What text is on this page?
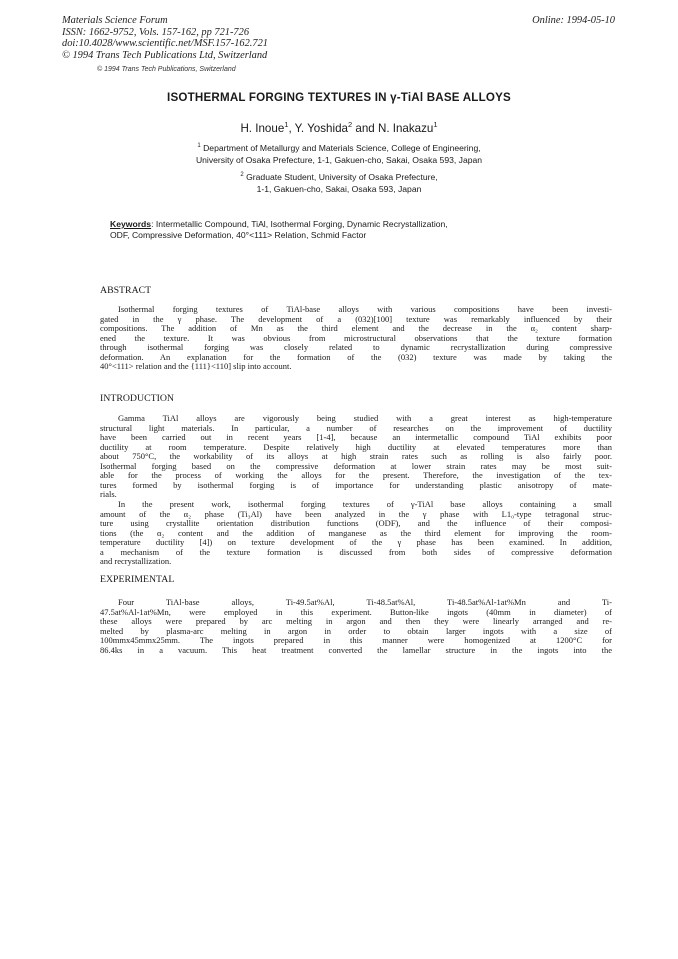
Materials Science Forum
ISSN: 1662-9752, Vols. 157-162, pp 721-726
doi:10.4028/www.scientific.net/MSF.157-162.721
© 1994 Trans Tech Publications Ltd, Switzerland
Online: 1994-05-10
© 1994 Trans Tech Publications, Switzerland
ISOTHERMAL FORGING TEXTURES IN γ-TiAl BASE ALLOYS
H. Inoue$^1$, Y. Yoshida$^2$ and N. Inakazu$^1$
$^1$ Department of Metallurgy and Materials Science, College of Engineering,
University of Osaka Prefecture, 1-1, Gakuen-cho, Sakai, Osaka 593, Japan
$^2$ Graduate Student, University of Osaka Prefecture,
1-1, Gakuen-cho, Sakai, Osaka 593, Japan
Keywords: Intermetallic Compound, TiAl, Isothermal Forging, Dynamic Recrystallization,
ODF, Compressive Deformation, 40°<111> Relation, Schmid Factor
ABSTRACT
Isothermal forging textures of TiAl-base alloys with various compositions have been investi-
gated in the γ phase. The development of a (032)[100] texture was remarkably influenced by their
compositions. The addition of Mn as the third element and the decrease in the α₂ content sharp-
ened the texture. It was obvious from microstructural observations that the texture formation
through isothermal forging was closely related to dynamic recrystallization during compressive
deformation. An explanation for the formation of the (032) texture was made by taking the
40°<111> relation and the {111}<110] slip into account.
INTRODUCTION
Gamma TiAl alloys are vigorously being studied with a great interest as high-temperature
structural light materials. In particular, a number of researches on the improvement of ductility
have been carried out in recent years [1-4], because an intermetallic compound TiAl exhibits poor
ductility at room temperature. Despite relatively high ductility at elevated temperatures more than
about 750°C, the workability of its alloys at high strain rates such as rolling is also fairly poor.
Isothermal forging based on the compressive deformation at lower strain rates may be most suit-
able for the process of working the alloys for the present. Therefore, the investigation of the tex-
tures formed by isothermal forging is of importance for understanding plastic anisotropy of mate-
rials.
In the present work, isothermal forging textures of γ-TiAl base alloys containing a small
amount of the α₂ phase (Ti₃Al) have been analyzed in the γ phase with L1₀-type tetragonal struc-
ture using crystallite orientation distribution functions (ODF), and the influence of their composi-
tions (the α₂ content and the addition of manganese as the third element for improving the room-
temperature ductility [4]) on texture development of the γ phase has been examined. In addition,
a mechanism of the texture formation is discussed from both sides of compressive deformation
and recrystallization.
EXPERIMENTAL
Four TiAl-base alloys, Ti-49.5at%Al, Ti-48.5at%Al, Ti-48.5at%Al-1at%Mn and Ti-
47.5at%Al-1at%Mn, were employed in this experiment. Button-like ingots (40mm in diameter) of
these alloys were prepared by arc melting in argon and then they were linearly arranged and re-
melted by plasma-arc melting in argon in order to obtain larger ingots with a size of
100mmx45mmx25mm. The ingots prepared in this manner were homogenized at 1200°C for
86.4ks in a vacuum. This heat treatment converted the lamellar structure in the ingots into the
